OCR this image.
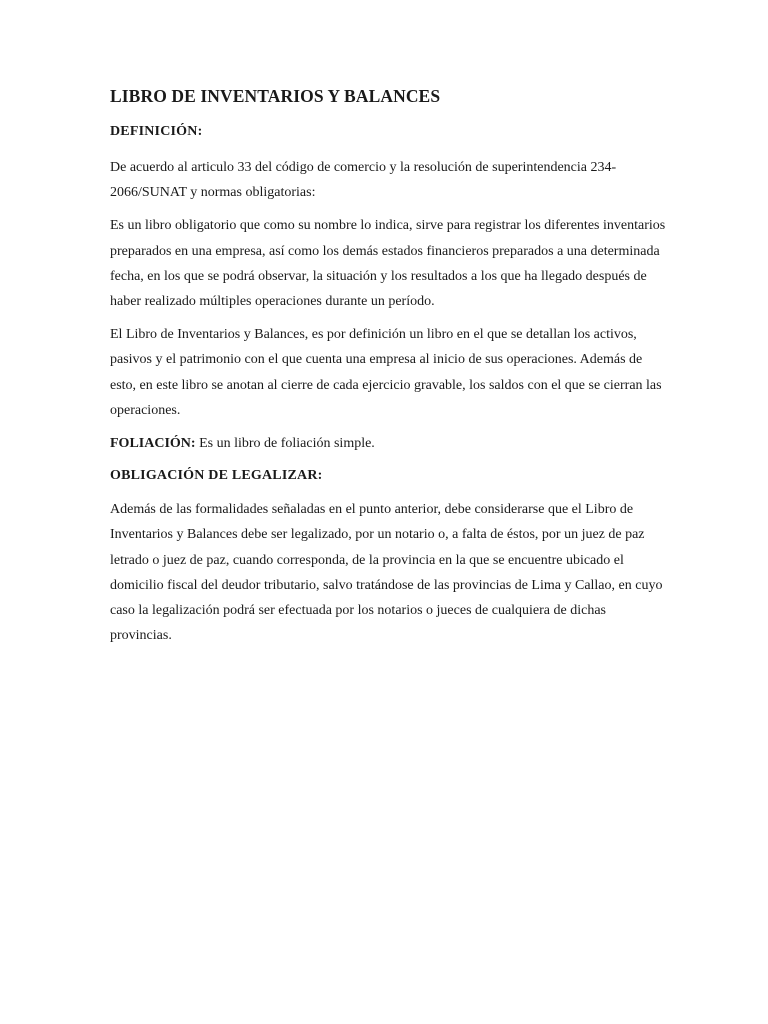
LIBRO DE INVENTARIOS Y BALANCES
DEFINICIÓN:

De acuerdo al articulo 33 del código de comercio y la resolución de superintendencia 234-2066/SUNAT y normas obligatorias:

Es un libro obligatorio que como su nombre lo indica, sirve para registrar los diferentes inventarios preparados en una empresa, así como los demás estados financieros preparados a una determinada fecha, en los que se podrá observar, la situación y los resultados a los que ha llegado después de haber realizado múltiples operaciones durante un período.

El Libro de Inventarios y Balances, es por definición un libro en el que se detallan los activos, pasivos y el patrimonio con el que cuenta una empresa al inicio de sus operaciones. Además de esto, en este libro se anotan al cierre de cada ejercicio gravable, los saldos con el que se cierran las operaciones.

FOLIACIÓN: Es un libro de foliación simple.

OBLIGACIÓN DE LEGALIZAR:

Además de las formalidades señaladas en el punto anterior, debe considerarse que el Libro de Inventarios y Balances debe ser legalizado, por un notario o, a falta de éstos, por un juez de paz letrado o juez de paz, cuando corresponda, de la provincia en la que se encuentre ubicado el domicilio fiscal del deudor tributario, salvo tratándose de las provincias de Lima y Callao, en cuyo caso la legalización podrá ser efectuada por los notarios o jueces de cualquiera de dichas provincias.
